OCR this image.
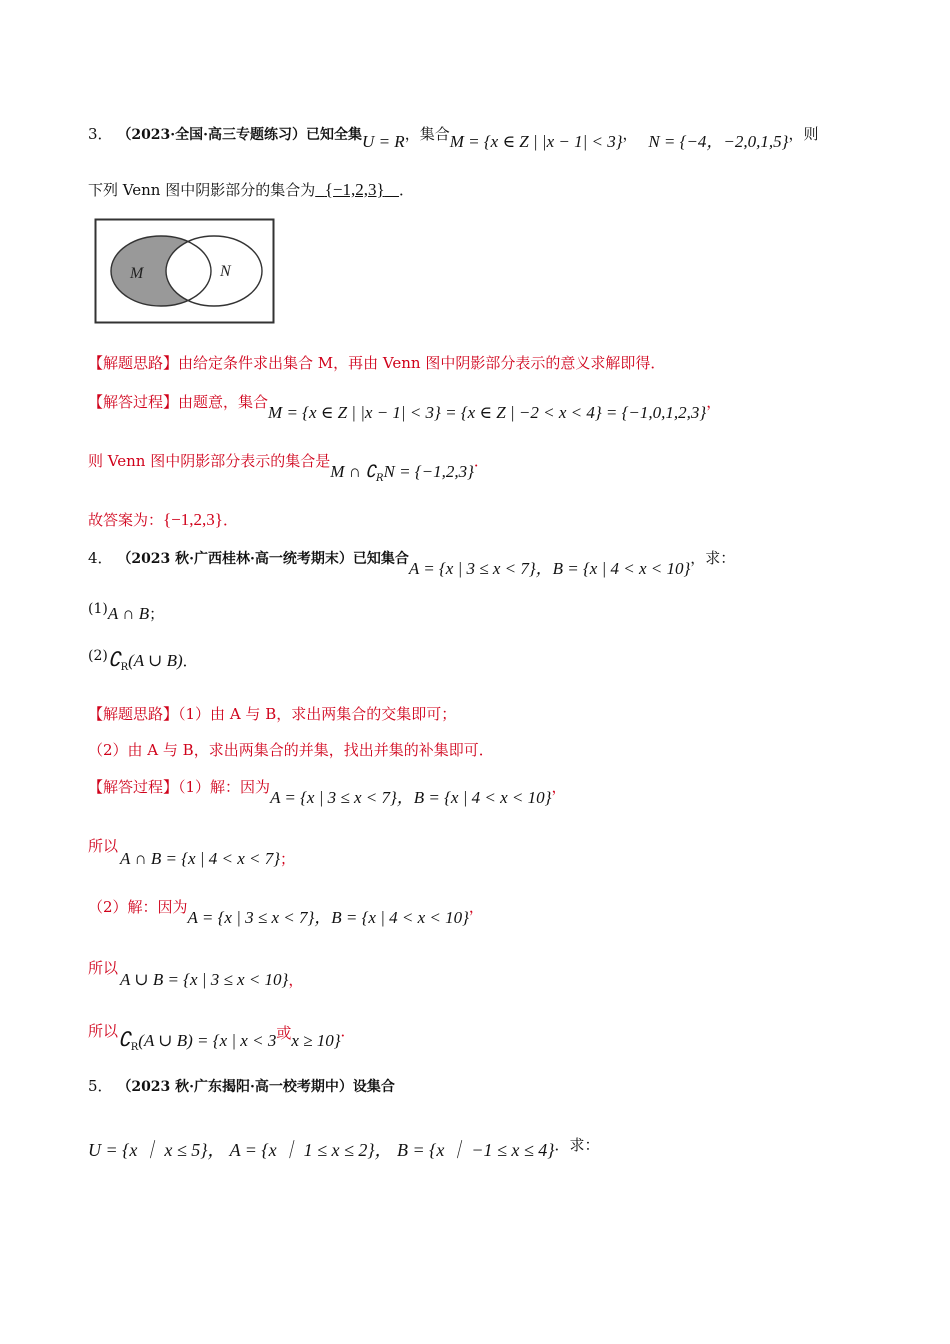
3． （2023·全国·高三专题练习）已知全集U = R，集合M = {x ∈ Z | |x − 1| < 3}， N = {−4，−2,0,1,5}，则
下列 Venn 图中阴影部分的集合为 {−1,2,3} ．
M	N
【解题思路】由给定条件求出集合 M，再由 Venn 图中阴影部分表示的意义求解即得．
【解答过程】由题意，集合M = {x ∈ Z | |x − 1| < 3} = {x ∈ Z | −2 < x < 4} = {−1,0,1,2,3}，
则 Venn 图中阴影部分表示的集合是M ∩ $∁_RN = \{-1,2,3\}$．
故答案为：{−1,2,3}．
4． （2023 秋·广西桂林·高一统考期末）已知集合A = {x | 3 ≤ x < 7}，B = {x | 4 < x < 10}，求：
(1)A ∩ B；
$(2)∁_R(A$ ∪ B)．
【解题思路】（1）由 A 与 B，求出两集合的交集即可；
（2）由 A 与 B，求出两集合的并集，找出并集的补集即可．
【解答过程】（1）解：因为A = {x | 3 ≤ x < 7}，B = {x | 4 < x < 10}，
所以
A ∩ B = {x | 4 < x < 7}；
（2）解：因为A = {x | 3 ≤ x < 7}，B = {x | 4 < x < 10}，
所以
A ∪ B = {x | 3 ≤ x < 10}，
所以$∁_R(A$ ∪ B) = {x | x < 3或x ≥ 10}．
5． （2023 秋·广东揭阳·高一校考期中）设集合
U = {x ｜ x ≤ 5}， A = {x ｜ 1 ≤ x ≤ 2}， B = {x ｜ −1 ≤ x ≤ 4}．求：
